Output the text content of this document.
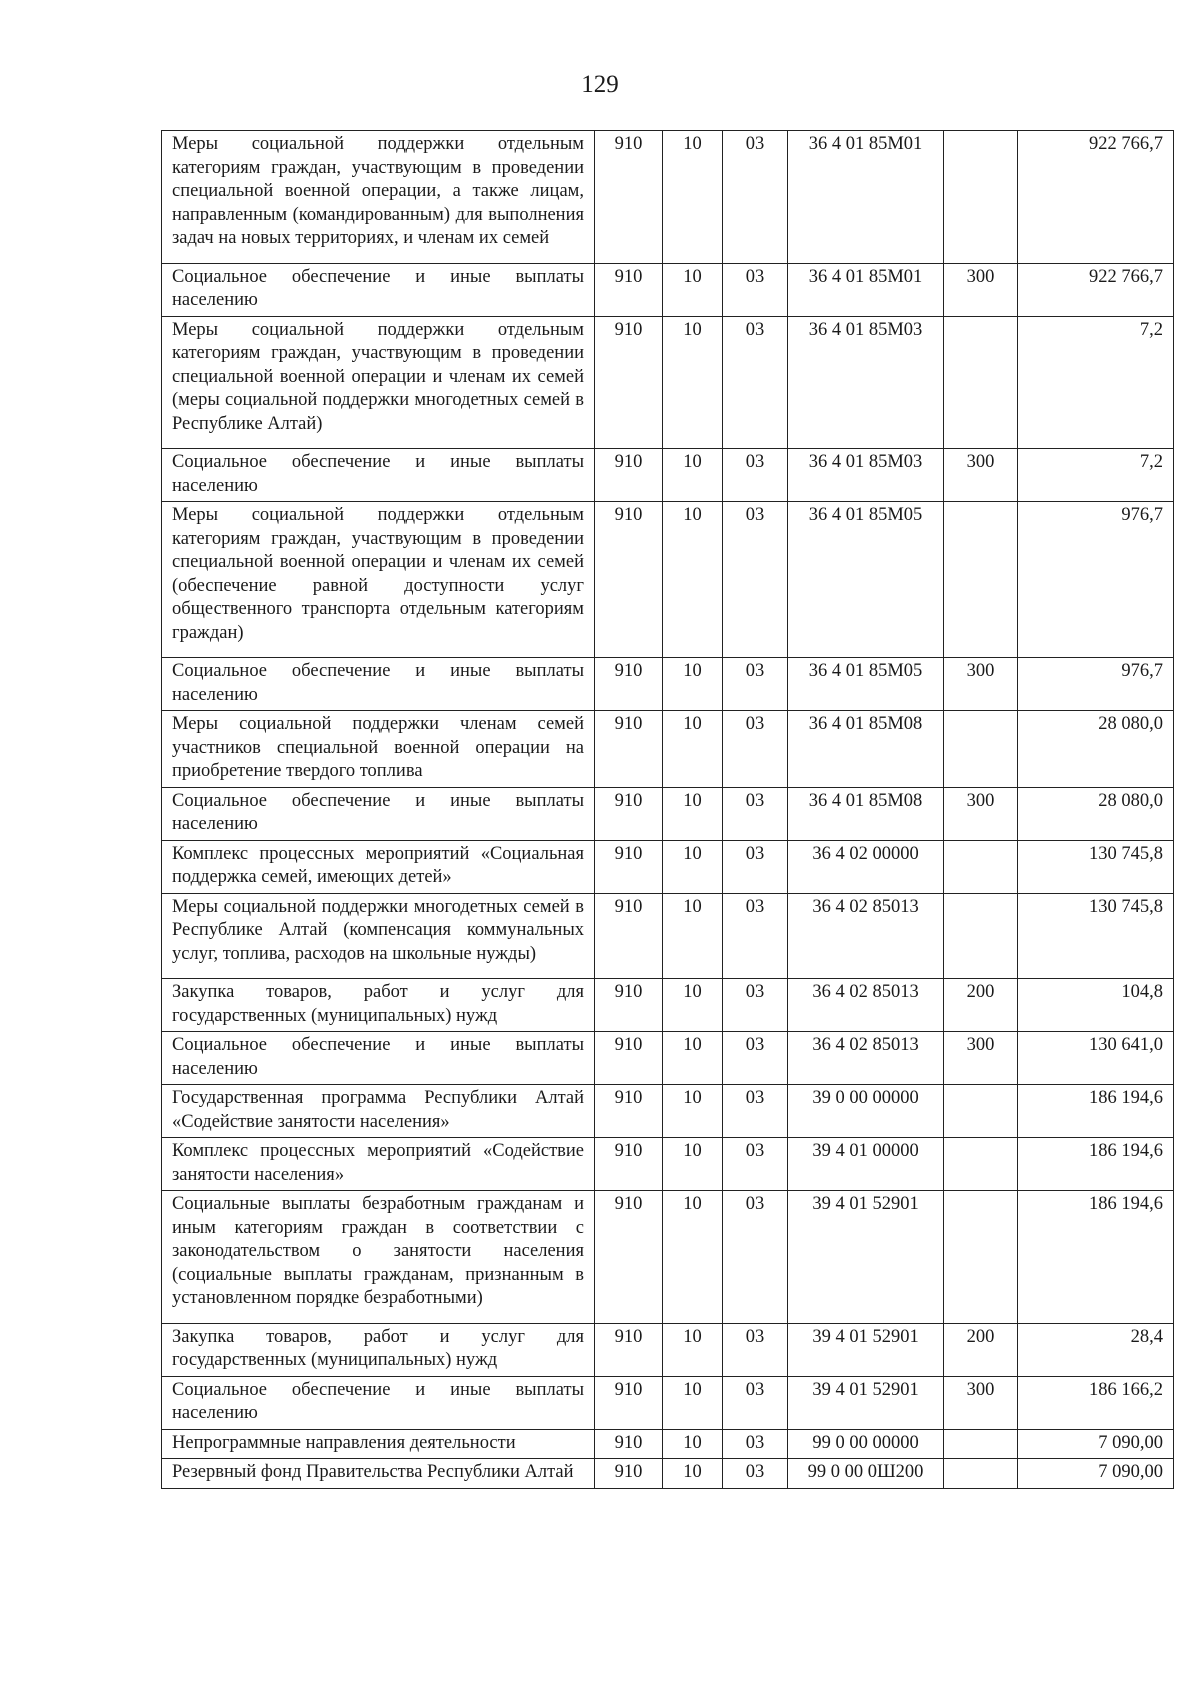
129
Меры социальной поддержки отдельным категориям граждан, участвующим в проведении специальной военной операции, а также лицам, направленным (командированным) для выполнения задач на новых территориях, и членам их семей	910	10	03	36 4 01 85М01		922 766,7
Социальное обеспечение и иные выплаты населению	910	10	03	36 4 01 85М01	300	922 766,7
Меры социальной поддержки отдельным категориям граждан, участвующим в проведении специальной военной операции и членам их семей (меры социальной поддержки многодетных семей в Республике Алтай)	910	10	03	36 4 01 85М03		7,2
Социальное обеспечение и иные выплаты населению	910	10	03	36 4 01 85М03	300	7,2
Меры социальной поддержки отдельным категориям граждан, участвующим в проведении специальной военной операции и членам их семей (обеспечение равной доступности услуг общественного транспорта отдельным категориям граждан)	910	10	03	36 4 01 85М05		976,7
Социальное обеспечение и иные выплаты населению	910	10	03	36 4 01 85М05	300	976,7
Меры социальной поддержки членам семей участников специальной военной операции на приобретение твердого топлива	910	10	03	36 4 01 85М08		28 080,0
Социальное обеспечение и иные выплаты населению	910	10	03	36 4 01 85М08	300	28 080,0
Комплекс процессных мероприятий «Социальная поддержка семей, имеющих детей»	910	10	03	36 4 02 00000		130 745,8
Меры социальной поддержки многодетных семей в Республике Алтай (компенсация коммунальных услуг, топлива, расходов на школьные нужды)	910	10	03	36 4 02 85013		130 745,8
Закупка товаров, работ и услуг для государственных (муниципальных) нужд	910	10	03	36 4 02 85013	200	104,8
Социальное обеспечение и иные выплаты населению	910	10	03	36 4 02 85013	300	130 641,0
Государственная программа Республики Алтай «Содействие занятости населения»	910	10	03	39 0 00 00000		186 194,6
Комплекс процессных мероприятий «Содействие занятости населения»	910	10	03	39 4 01 00000		186 194,6
Социальные выплаты безработным гражданам и иным категориям граждан в соответствии с законодательством о занятости населения (социальные выплаты гражданам, признанным в установленном порядке безработными)	910	10	03	39 4 01 52901		186 194,6
Закупка товаров, работ и услуг для государственных (муниципальных) нужд	910	10	03	39 4 01 52901	200	28,4
Социальное обеспечение и иные выплаты населению	910	10	03	39 4 01 52901	300	186 166,2
Непрограммные направления деятельности	910	10	03	99 0 00 00000		7 090,00
Резервный фонд Правительства Республики Алтай	910	10	03	99 0 00 0Ш200		7 090,00
